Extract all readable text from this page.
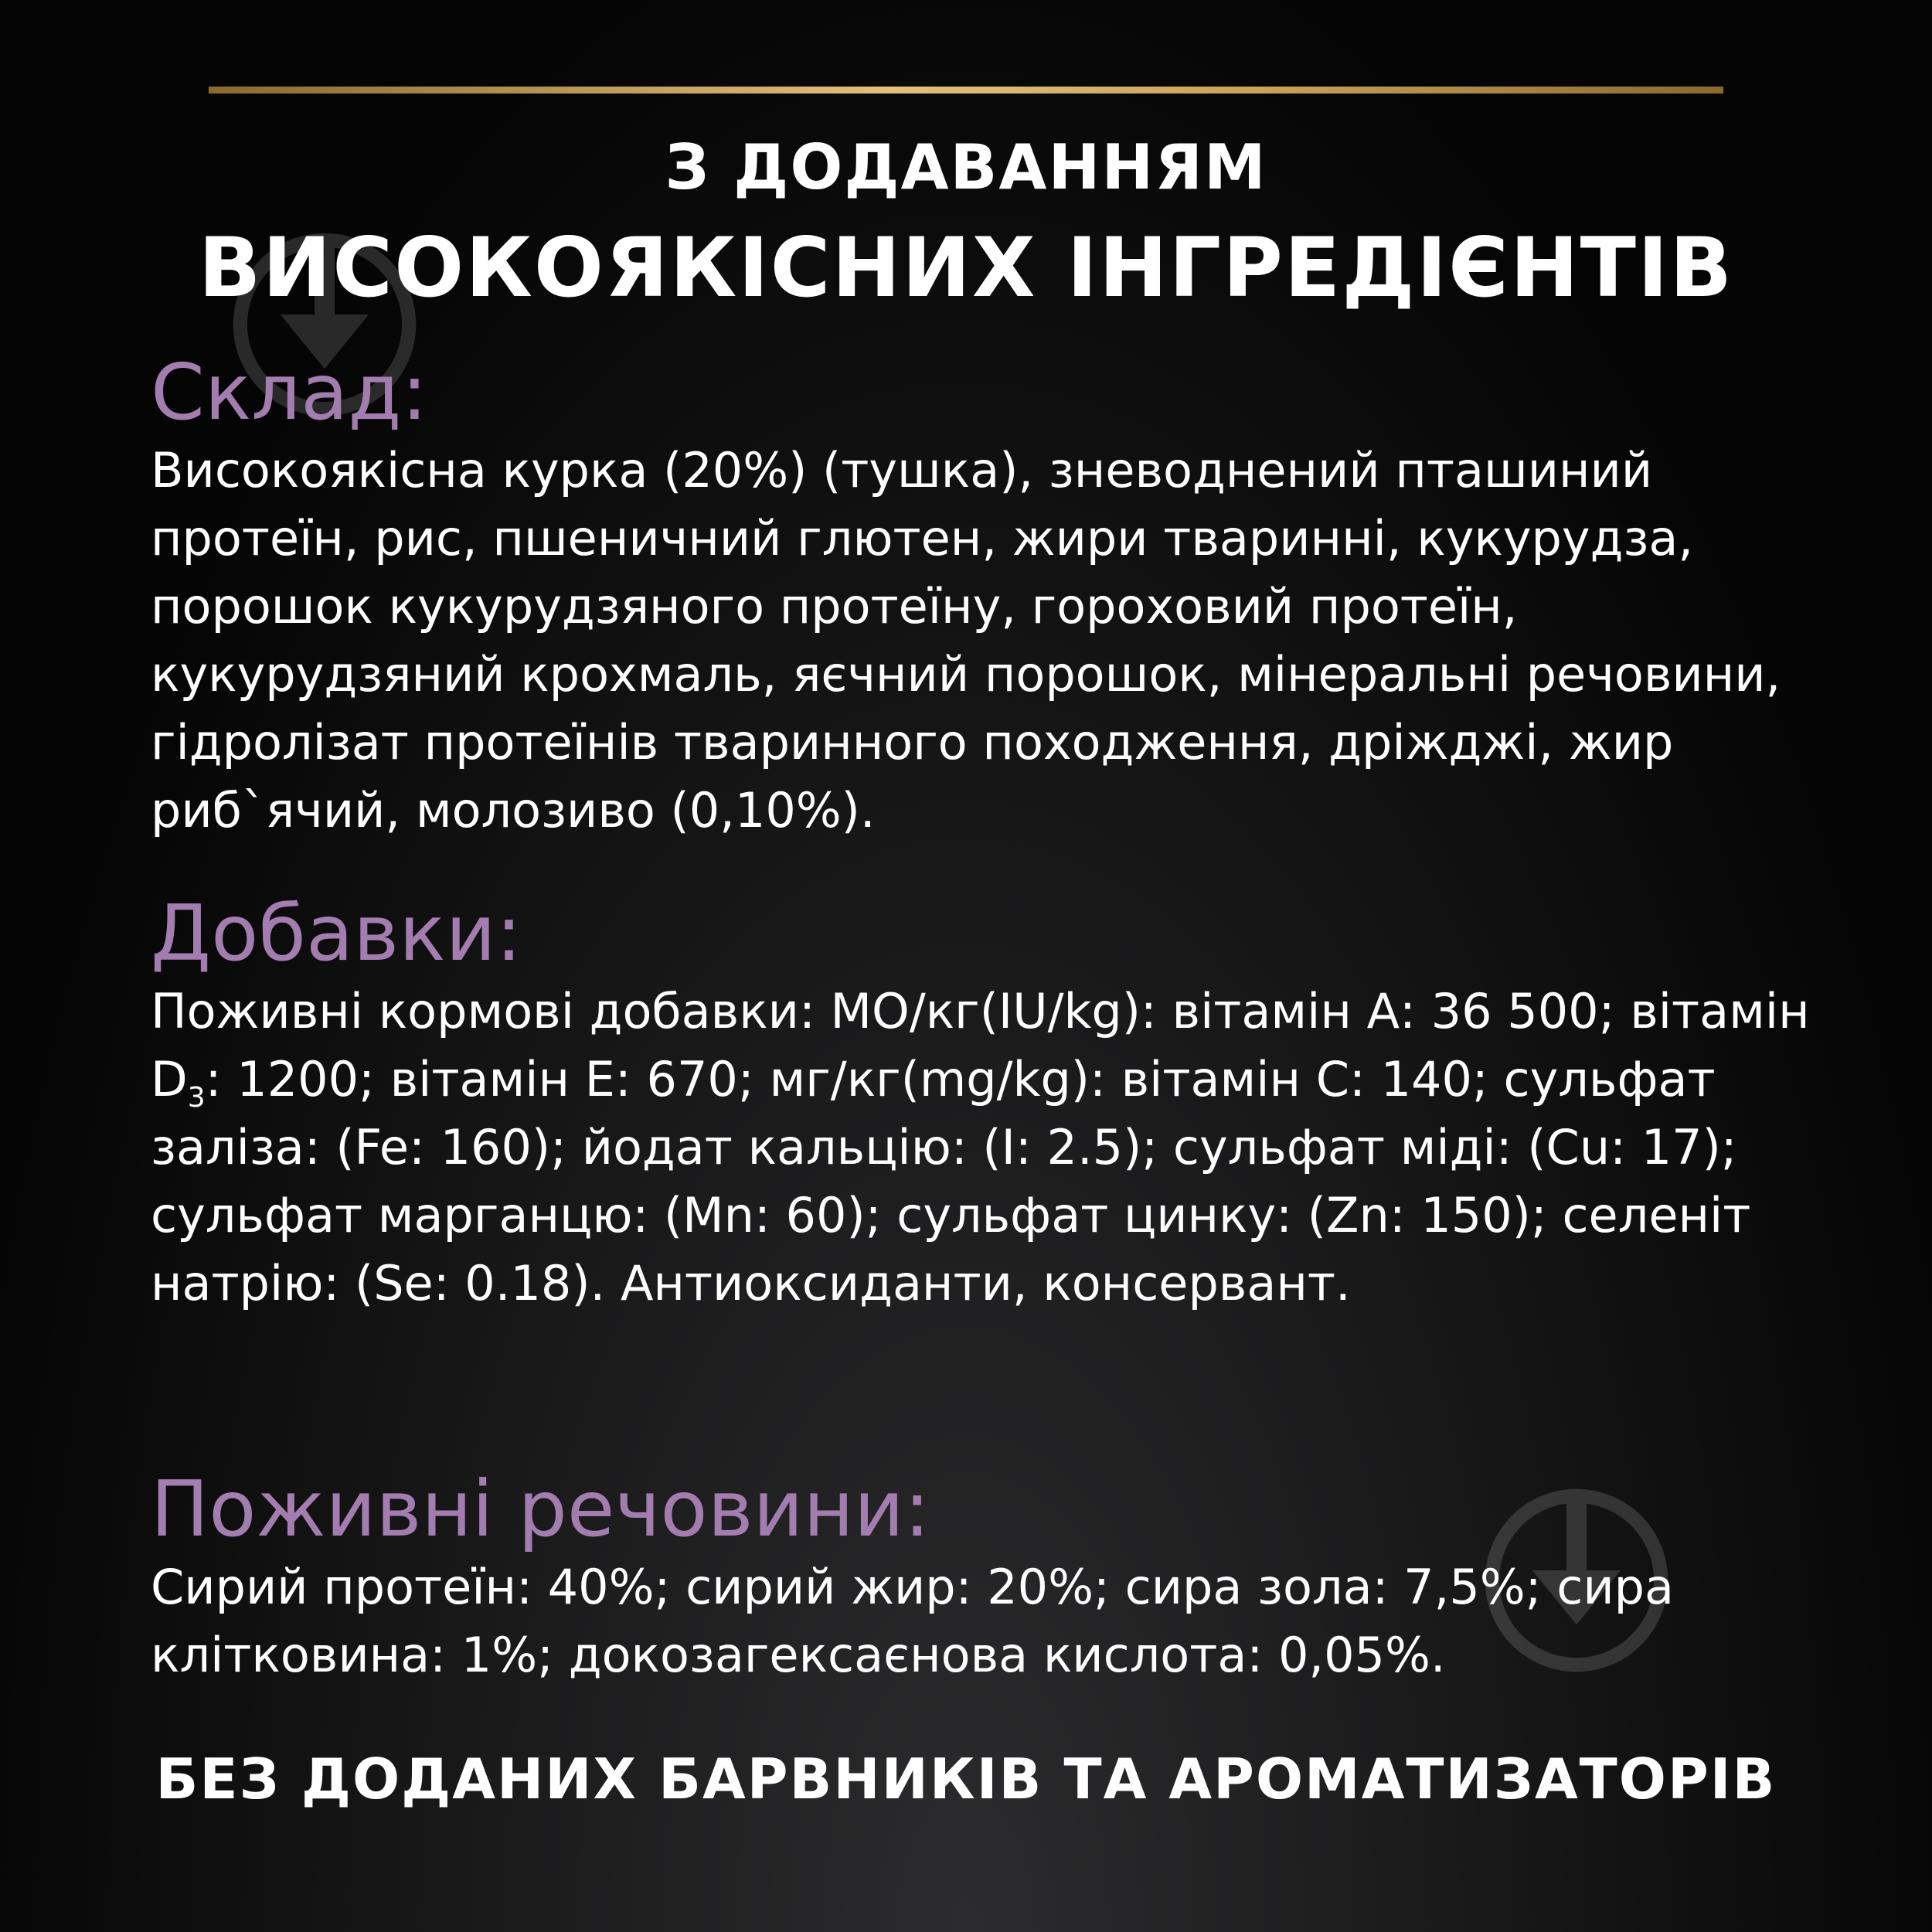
З ДОДАВАННЯМ
ВИСОКОЯКІСНИХ ІНГРЕДІЄНТІВ
Склад:

Високоякісна курка (20%) (тушка), зневоднений пташиний протеїн, рис, пшеничний глютен, жири тваринні, кукурудза, порошок кукурудзяного протеїну, гороховий протеїн, кукурудзяний крохмаль, яєчний порошок, мінеральні речовини, гідролізат протеїнів тваринного походження, дріжджі, жир риб`ячий, молозиво (0,10%).

Добавки:

Поживні кормові добавки: МО/кг(IU/kg): вітамін А: 36 500; вітамін $D_3$: 1200; вітамін Е: 670; мг/кг(mg/kg): вітамін С: 140; сульфат заліза: (Fe: 160); йодат кальцію: (I: 2.5); сульфат міді: (Cu: 17); сульфат марганцю: (Mn: 60); сульфат цинку: (Zn: 150); селеніт натрію: (Se: 0.18). Антиоксиданти, консервант.

Поживні речовини:

Сирий протеїн: 40%; сирий жир: 20%; сира зола: 7,5%; сира клітковина: 1%; докозагексаєнова кислота: 0,05%.

БЕЗ ДОДАНИХ БАРВНИКІВ ТА АРОМАТИЗАТОРІВ
